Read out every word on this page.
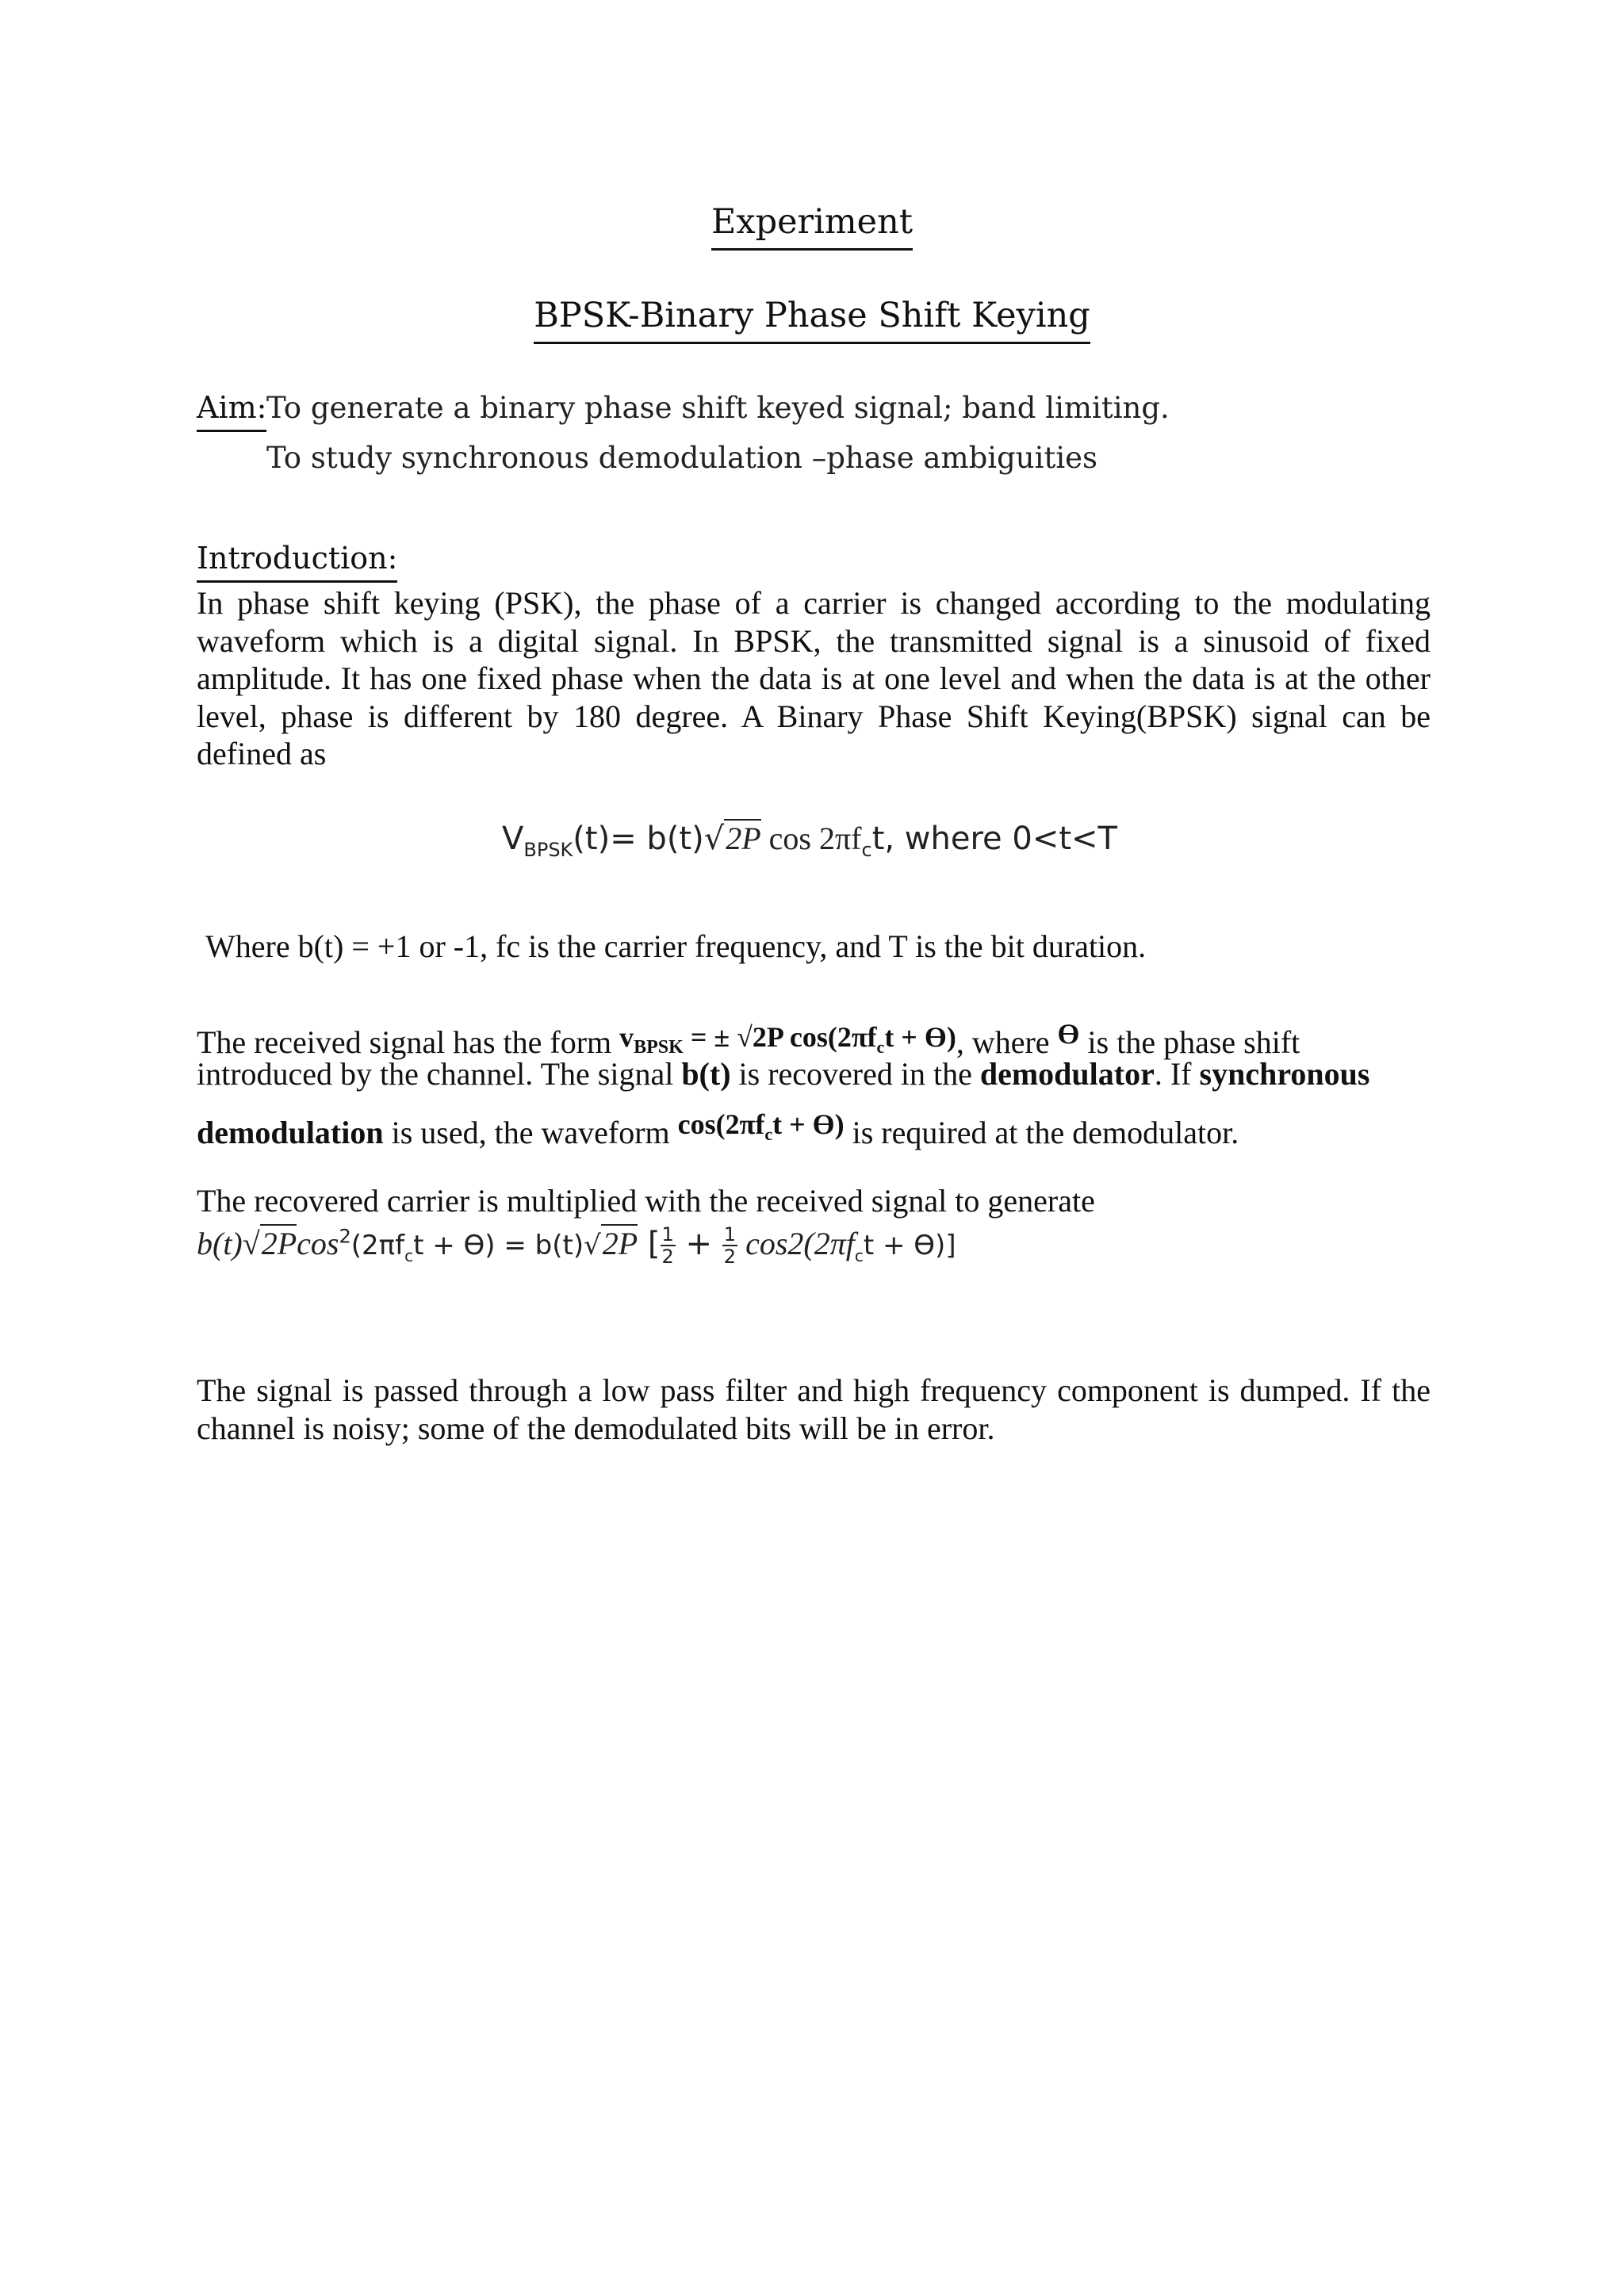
Experiment
BPSK-Binary Phase Shift Keying
Aim: To generate a binary phase shift keyed signal; band limiting.
To study synchronous demodulation –phase ambiguities
Introduction:
In phase shift keying (PSK), the phase of a carrier is changed according to the modulating waveform which is a digital signal. In BPSK, the transmitted signal is a sinusoid of fixed amplitude. It has one fixed phase when the data is at one level and when the data is at the other level, phase is different by 180 degree. A Binary Phase Shift Keying(BPSK) signal can be defined as
$V_{BPSK}(t)= b(t)√2P$ $\cos 2\pi f_ct$, where 0<t<T
Where b(t) = +1 or -1, fc is the carrier frequency, and T is the bit duration.
The received signal has the form $v_{BPSK}$ = ± √2P $\cos(2\pi f_ct + ϴ)$, where ϴ is the phase shift
introduced by the channel. The signal b(t) is recovered in the demodulator. If synchronous
demodulation is used, the waveform $\cos(2\pi f_ct + ϴ)$ is required at the demodulator.
The recovered carrier is multiplied with the received signal to generate
$b(t)√2Pcos^2(2\pi f_ct + ϴ) = b(t)√2P$ [ $\frac{1}{2} + \frac{1}{2} \cos 2(2\pi f_ct + ϴ)$]
The signal is passed through a low pass filter and high frequency component is dumped. If the channel is noisy; some of the demodulated bits will be in error.
